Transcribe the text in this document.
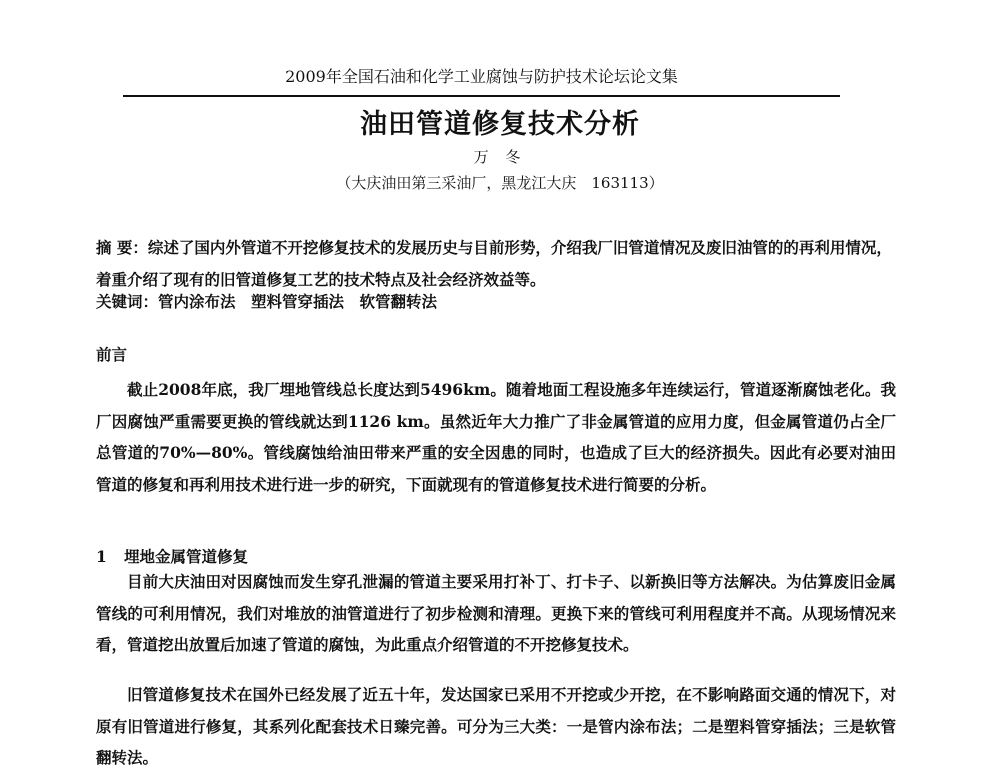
2009年全国石油和化学工业腐蚀与防护技术论坛论文集
油田管道修复技术分析
万 冬
（大庆油田第三采油厂，黑龙江大庆　163113）
摘 要：综述了国内外管道不开挖修复技术的发展历史与目前形势，介绍我厂旧管道情况及废旧油管的的再利用情况，着重介绍了现有的旧管道修复工艺的技术特点及社会经济效益等。
关键词：管内涂布法　塑料管穿插法　软管翻转法
前言
截止2008年底，我厂埋地管线总长度达到5496km。随着地面工程设施多年连续运行，管道逐渐腐蚀老化。我厂因腐蚀严重需要更换的管线就达到1126 km。虽然近年大力推广了非金属管道的应用力度，但金属管道仍占全厂总管道的70%—80%。管线腐蚀给油田带来严重的安全因患的同时，也造成了巨大的经济损失。因此有必要对油田管道的修复和再利用技术进行进一步的研究，下面就现有的管道修复技术进行简要的分析。
1 埋地金属管道修复
目前大庆油田对因腐蚀而发生穿孔泄漏的管道主要采用打补丁、打卡子、以新换旧等方法解决。为估算废旧金属管线的可利用情况，我们对堆放的油管道进行了初步检测和清理。更换下来的管线可利用程度并不高。从现场情况来看，管道挖出放置后加速了管道的腐蚀，为此重点介绍管道的不开挖修复技术。
旧管道修复技术在国外已经发展了近五十年，发达国家已采用不开挖或少开挖，在不影响路面交通的情况下，对原有旧管道进行修复，其系列化配套技术日臻完善。可分为三大类：一是管内涂布法；二是塑料管穿插法；三是软管翻转法。
